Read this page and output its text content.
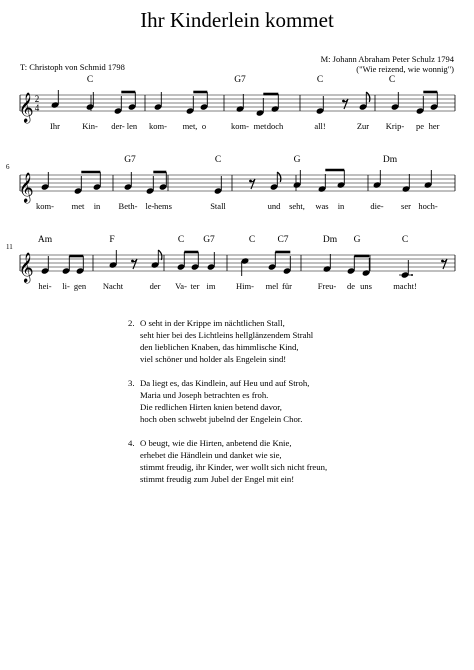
Ihr Kinderlein kommet
M: Johann Abraham Peter Schulz 1794
("Wie reizend, wie wonnig")
T: Christoph von Schmid 1798
𝄞 2
4
C	G7	C	C
Ihr	Kin- der- len kom- met, o	kom- met doch	all!	Zur Krip- pe her
𝄞
6
G7	C	G	Dm
kom- met in Beth- le- hems	Stall	und seht, was in	die- ser hoch-
𝄞
11
Am	F	C G7	C C7	Dm G	C
hei- li- gen Nacht	der Va- ter im Him- mel für	Freu- de uns	macht!
2. O seht in der Krippe im nächtlichen Stall,
seht hier bei des Lichtleins hellglänzendem Strahl
den lieblichen Knaben, das himmlische Kind,
viel schöner und holder als Engelein sind!
3. Da liegt es, das Kindlein, auf Heu und auf Stroh,
Maria und Joseph betrachten es froh.
Die redlichen Hirten knien betend davor,
hoch oben schwebt jubelnd der Engelein Chor.
4. O beugt, wie die Hirten, anbetend die Knie,
erhebet die Händlein und danket wie sie,
stimmt freudig, ihr Kinder, wer wollt sich nicht freun,
stimmt freudig zum Jubel der Engel mit ein!
